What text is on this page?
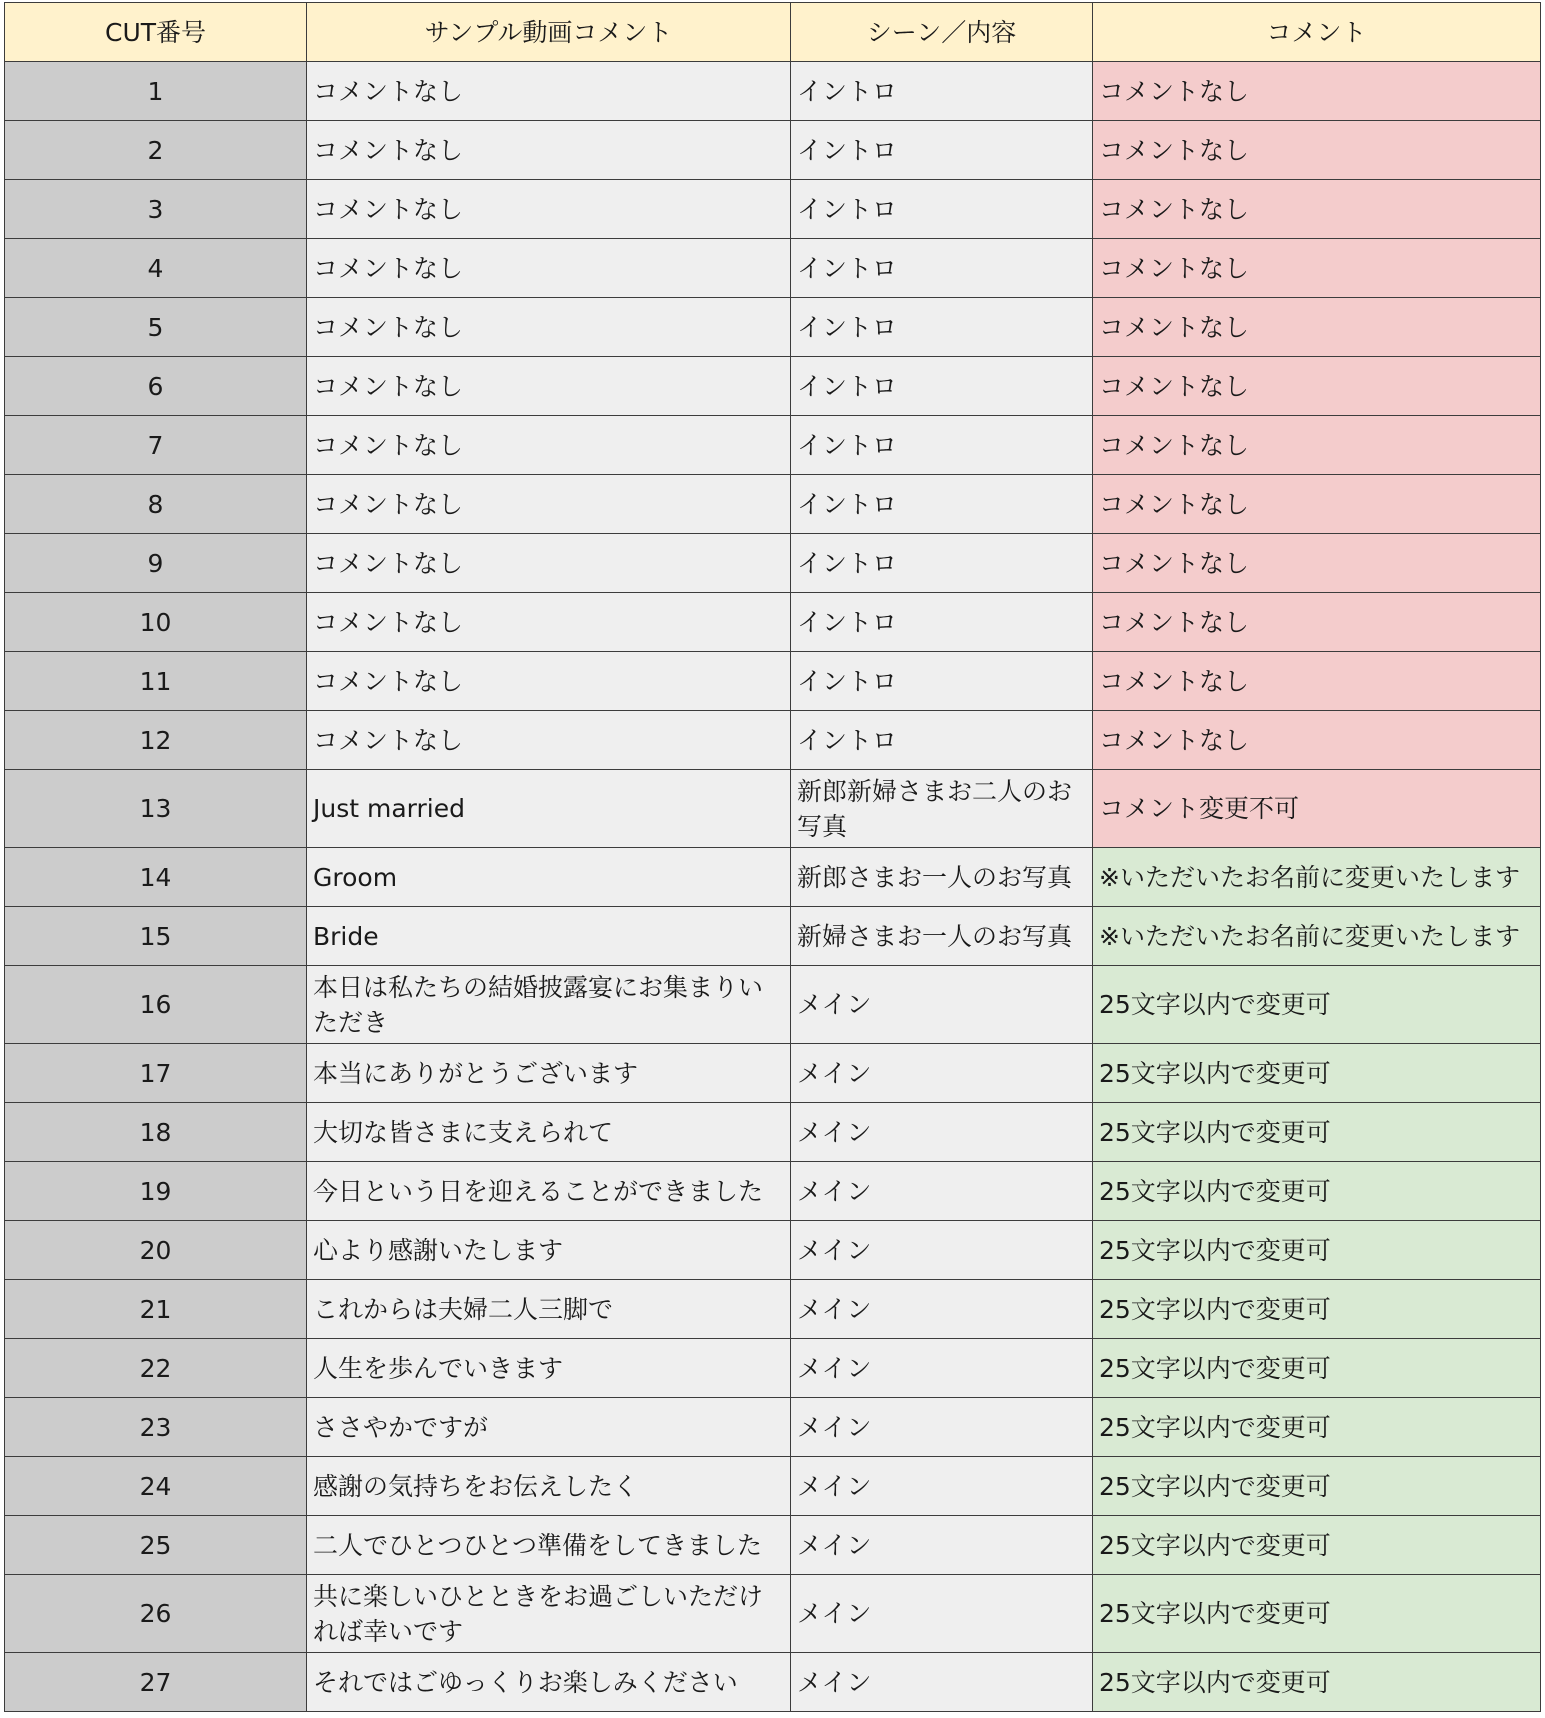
CUT番号	サンプル動画コメント	シーン／内容	コメント
1	コメントなし	イントロ	コメントなし
2	コメントなし	イントロ	コメントなし
3	コメントなし	イントロ	コメントなし
4	コメントなし	イントロ	コメントなし
5	コメントなし	イントロ	コメントなし
6	コメントなし	イントロ	コメントなし
7	コメントなし	イントロ	コメントなし
8	コメントなし	イントロ	コメントなし
9	コメントなし	イントロ	コメントなし
10	コメントなし	イントロ	コメントなし
11	コメントなし	イントロ	コメントなし
12	コメントなし	イントロ	コメントなし
13	Just married	新郎新婦さまお二人のお写真	コメント変更不可
14	Groom	新郎さまお一人のお写真	※いただいたお名前に変更いたします
15	Bride	新婦さまお一人のお写真	※いただいたお名前に変更いたします
16	本日は私たちの結婚披露宴にお集まりいただき	メイン	25文字以内で変更可
17	本当にありがとうございます	メイン	25文字以内で変更可
18	大切な皆さまに支えられて	メイン	25文字以内で変更可
19	今日という日を迎えることができました	メイン	25文字以内で変更可
20	心より感謝いたします	メイン	25文字以内で変更可
21	これからは夫婦二人三脚で	メイン	25文字以内で変更可
22	人生を歩んでいきます	メイン	25文字以内で変更可
23	ささやかですが	メイン	25文字以内で変更可
24	感謝の気持ちをお伝えしたく	メイン	25文字以内で変更可
25	二人でひとつひとつ準備をしてきました	メイン	25文字以内で変更可
26	共に楽しいひとときをお過ごしいただければ幸いです	メイン	25文字以内で変更可
27	それではごゆっくりお楽しみください	メイン	25文字以内で変更可
